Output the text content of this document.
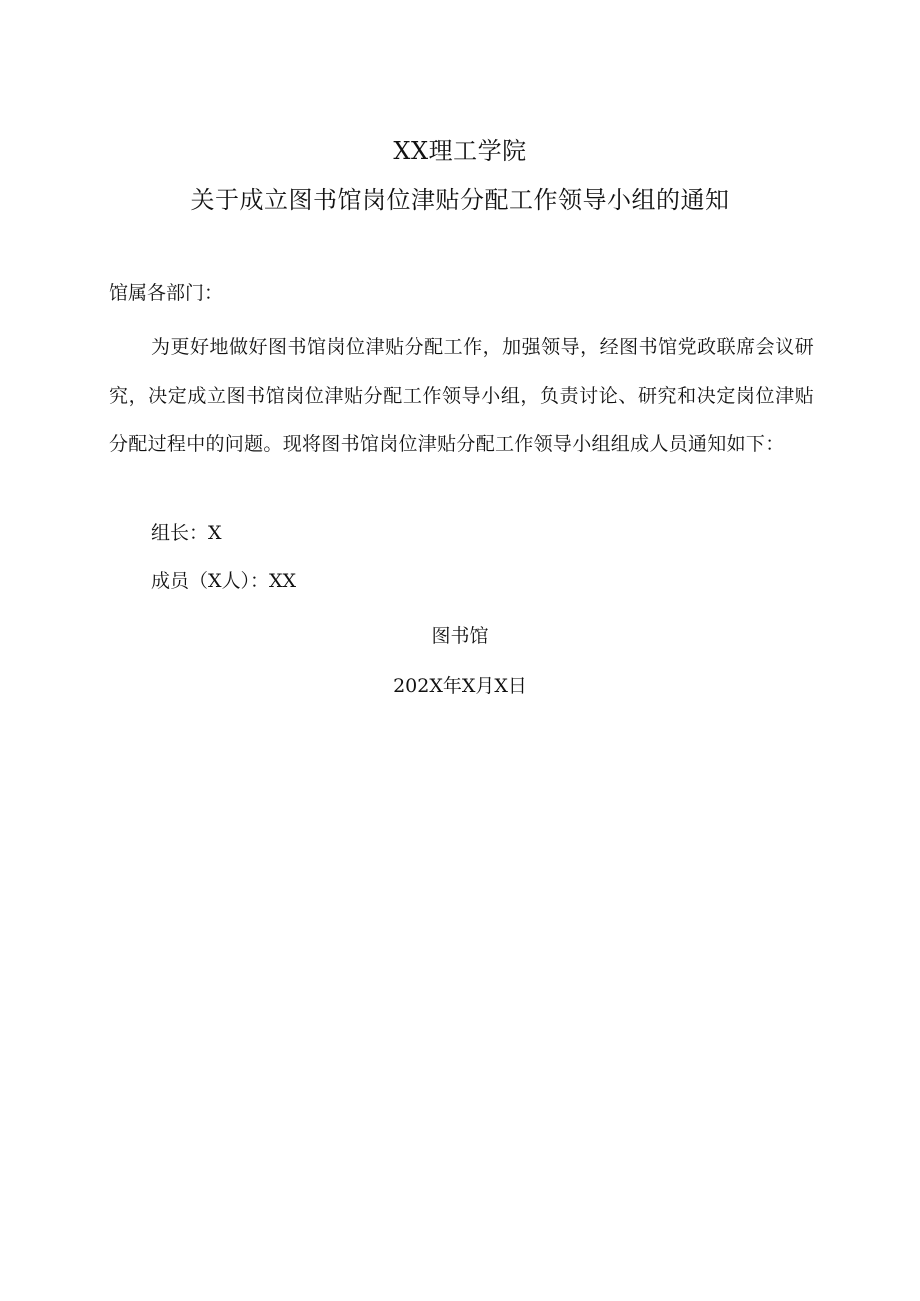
XX理工学院
关于成立图书馆岗位津贴分配工作领导小组的通知
馆属各部门：
为更好地做好图书馆岗位津贴分配工作，加强领导，经图书馆党政联席会议研究，决定成立图书馆岗位津贴分配工作领导小组，负责讨论、研究和决定岗位津贴分配过程中的问题。现将图书馆岗位津贴分配工作领导小组组成人员通知如下：
组长：X
成员（X人）：XX
图书馆
202X年X月X日
